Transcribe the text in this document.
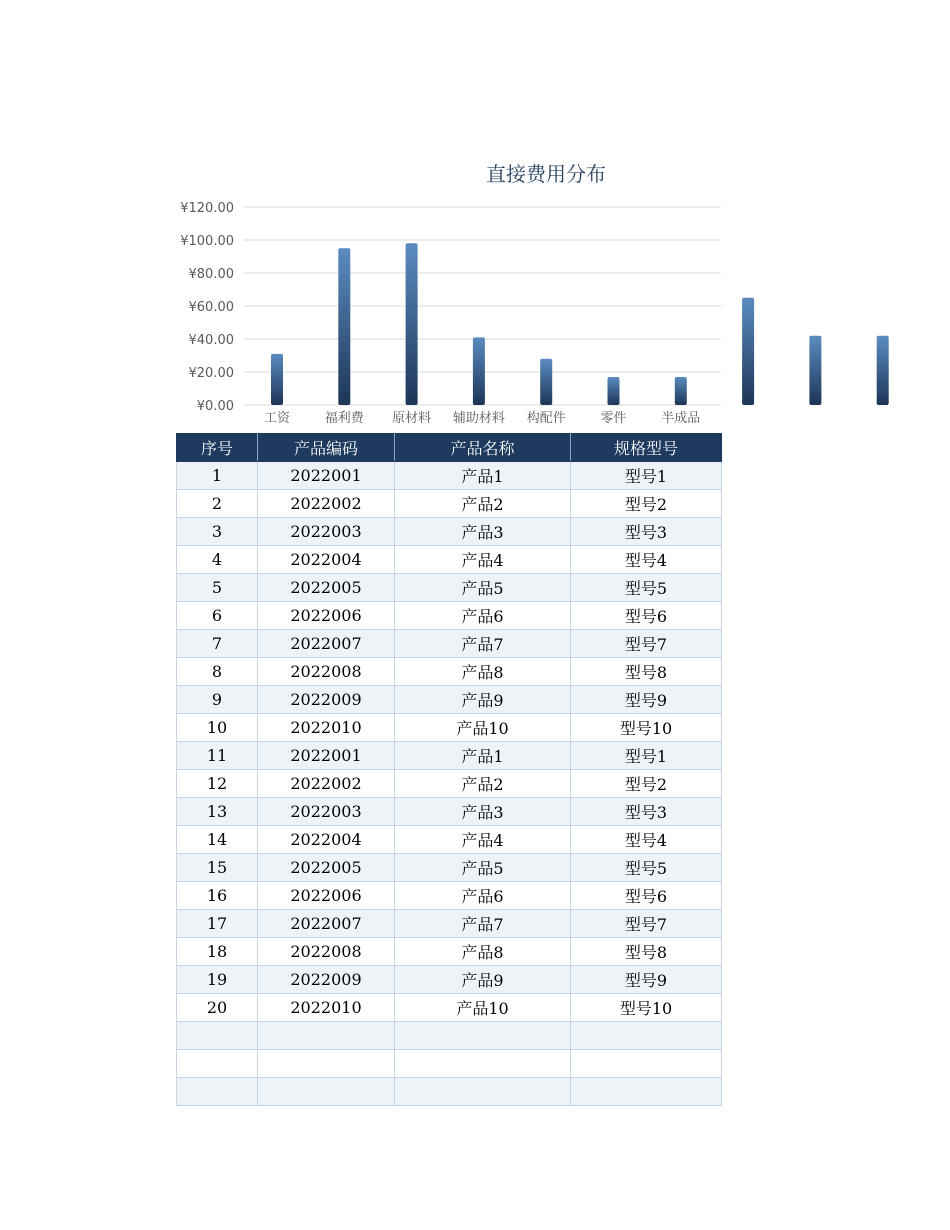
直接费用分布
¥0.00
¥20.00
¥40.00
¥60.00
¥80.00
¥100.00
¥120.00
工资	福利费 原材料 辅助材料 构配件	零件	半成品
序号	产品编码	产品名称	规格型号
1	2022001	产品1	型号1
2	2022002	产品2	型号2
3	2022003	产品3	型号3
4	2022004	产品4	型号4
5	2022005	产品5	型号5
6	2022006	产品6	型号6
7	2022007	产品7	型号7
8	2022008	产品8	型号8
9	2022009	产品9	型号9
10	2022010	产品10	型号10
11	2022001	产品1	型号1
12	2022002	产品2	型号2
13	2022003	产品3	型号3
14	2022004	产品4	型号4
15	2022005	产品5	型号5
16	2022006	产品6	型号6
17	2022007	产品7	型号7
18	2022008	产品8	型号8
19	2022009	产品9	型号9
20	2022010	产品10	型号10
